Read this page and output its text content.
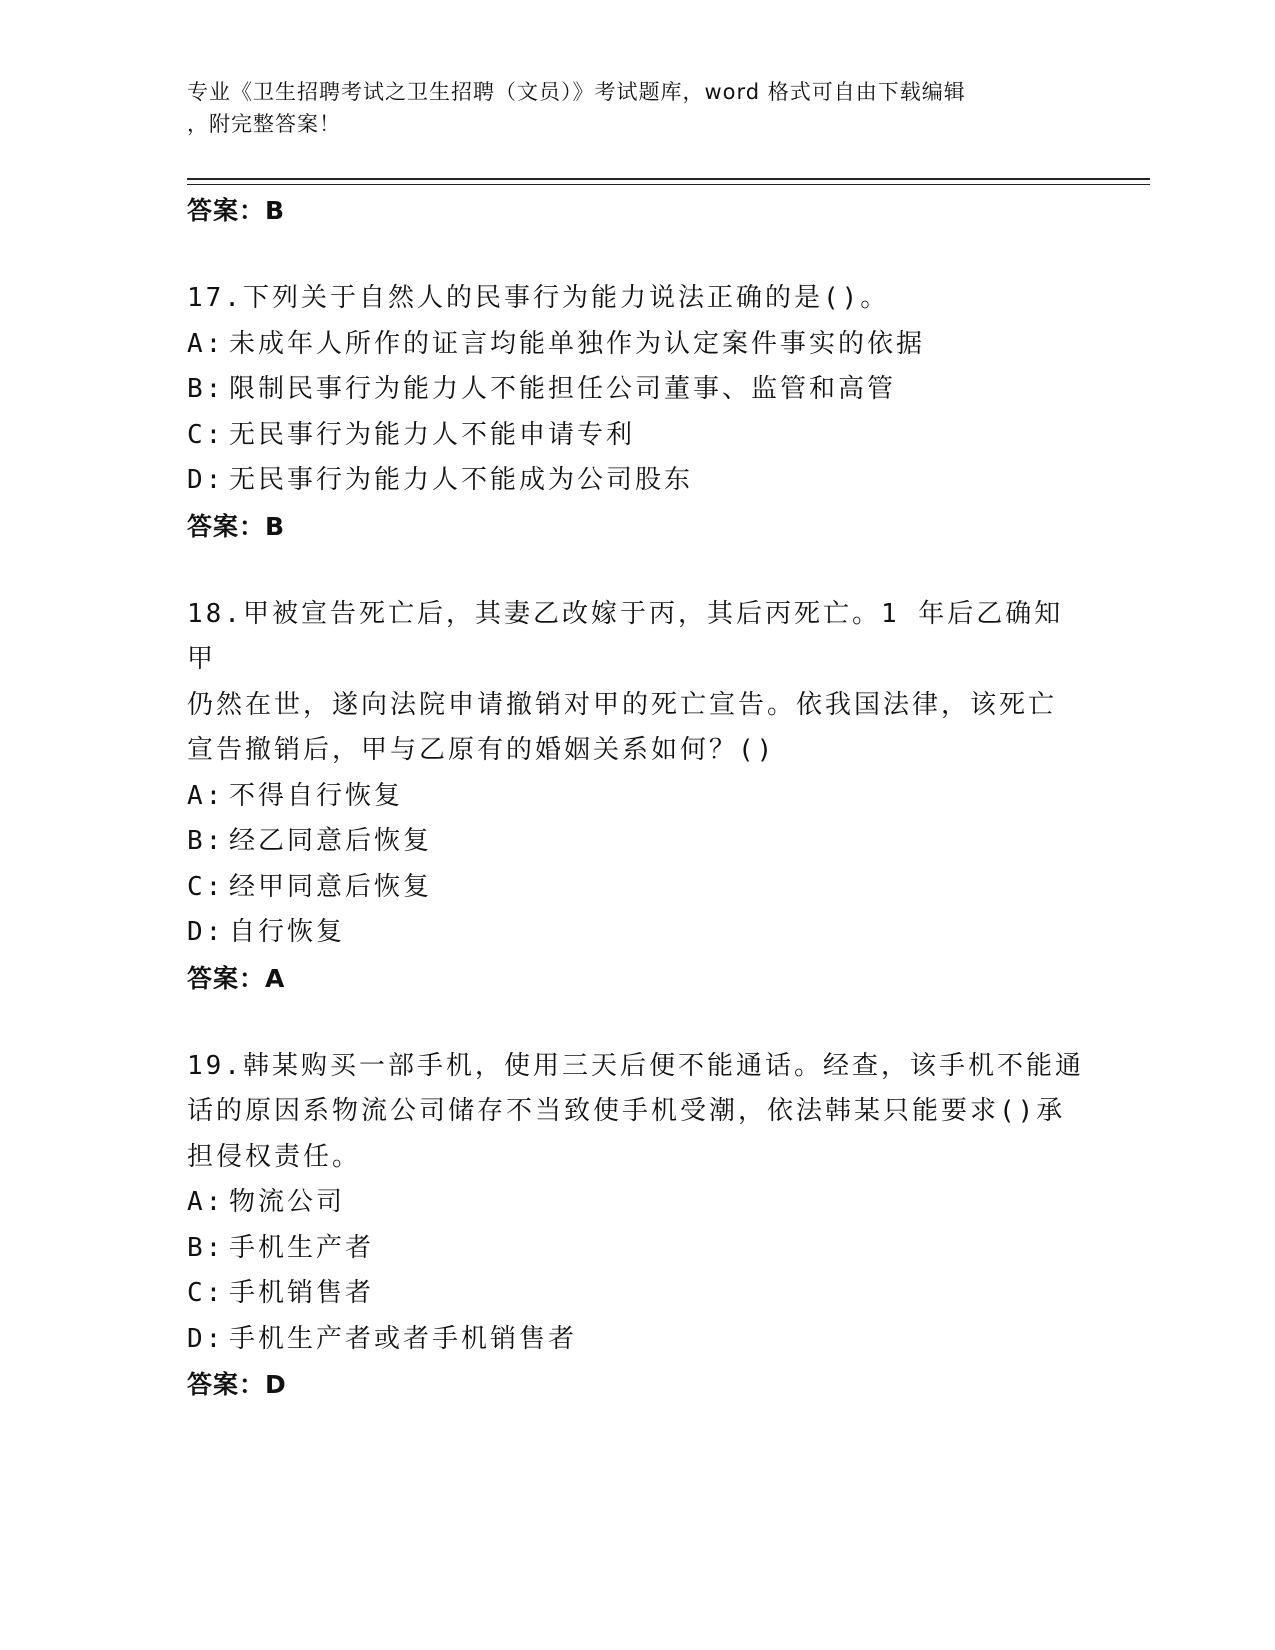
专业《卫生招聘考试之卫生招聘（文员）》考试题库，word 格式可自由下载编辑
，附完整答案！
答案：B
17.下列关于自然人的民事行为能力说法正确的是()。
A: 未成年人所作的证言均能单独作为认定案件事实的依据
B: 限制民事行为能力人不能担任公司董事、监管和高管
C: 无民事行为能力人不能申请专利
D: 无民事行为能力人不能成为公司股东
答案：B
18.甲被宣告死亡后，其妻乙改嫁于丙，其后丙死亡。1 年后乙确知甲
仍然在世，遂向法院申请撤销对甲的死亡宣告。依我国法律，该死亡
宣告撤销后，甲与乙原有的婚姻关系如何？()
A: 不得自行恢复
B: 经乙同意后恢复
C: 经甲同意后恢复
D: 自行恢复
答案：A
19.韩某购买一部手机，使用三天后便不能通话。经查，该手机不能通
话的原因系物流公司储存不当致使手机受潮，依法韩某只能要求()承
担侵权责任。
A: 物流公司
B: 手机生产者
C: 手机销售者
D: 手机生产者或者手机销售者
答案：D
